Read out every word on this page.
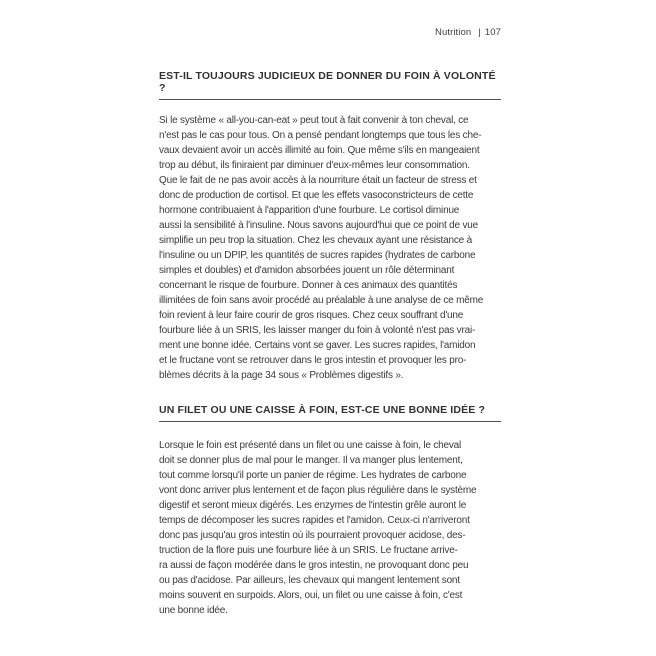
Nutrition | 107
EST-IL TOUJOURS JUDICIEUX DE DONNER DU FOIN À VOLONTÉ ?
Si le système « all-you-can-eat » peut tout à fait convenir à ton cheval, ce
n'est pas le cas pour tous. On a pensé pendant longtemps que tous les che-
vaux devaient avoir un accès illimité au foin. Que même s'ils en mangeaient
trop au début, ils finiraient par diminuer d'eux-mêmes leur consommation.
Que le fait de ne pas avoir accès à la nourriture était un facteur de stress et
donc de production de cortisol. Et que les effets vasoconstricteurs de cette
hormone contribuaient à l'apparition d'une fourbure. Le cortisol diminue
aussi la sensibilité à l'insuline. Nous savons aujourd'hui que ce point de vue
simplifie un peu trop la situation. Chez les chevaux ayant une résistance à
l'insuline ou un DPIP, les quantités de sucres rapides (hydrates de carbone
simples et doubles) et d'amidon absorbées jouent un rôle déterminant
concernant le risque de fourbure. Donner à ces animaux des quantités
illimitées de foin sans avoir procédé au préalable à une analyse de ce même
foin revient à leur faire courir de gros risques. Chez ceux souffrant d'une
fourbure liée à un SRIS, les laisser manger du foin à volonté n'est pas vrai-
ment une bonne idée. Certains vont se gaver. Les sucres rapides, l'amidon
et le fructane vont se retrouver dans le gros intestin et provoquer les pro-
blèmes décrits à la page 34 sous « Problèmes digestifs ».
UN FILET OU UNE CAISSE À FOIN, EST-CE UNE BONNE IDÉE ?
Lorsque le foin est présenté dans un filet ou une caisse à foin, le cheval
doit se donner plus de mal pour le manger. Il va manger plus lentement,
tout comme lorsqu'il porte un panier de régime. Les hydrates de carbone
vont donc arriver plus lentement et de façon plus régulière dans le système
digestif et seront mieux digérés. Les enzymes de l'intestin grêle auront le
temps de décomposer les sucres rapides et l'amidon. Ceux-ci n'arriveront
donc pas jusqu'au gros intestin où ils pourraient provoquer acidose, des-
truction de la flore puis une fourbure liée à un SRIS. Le fructane arrive-
ra aussi de façon modérée dans le gros intestin, ne provoquant donc peu
ou pas d'acidose. Par ailleurs, les chevaux qui mangent lentement sont
moins souvent en surpoids. Alors, oui, un filet ou une caisse à foin, c'est
une bonne idée.
